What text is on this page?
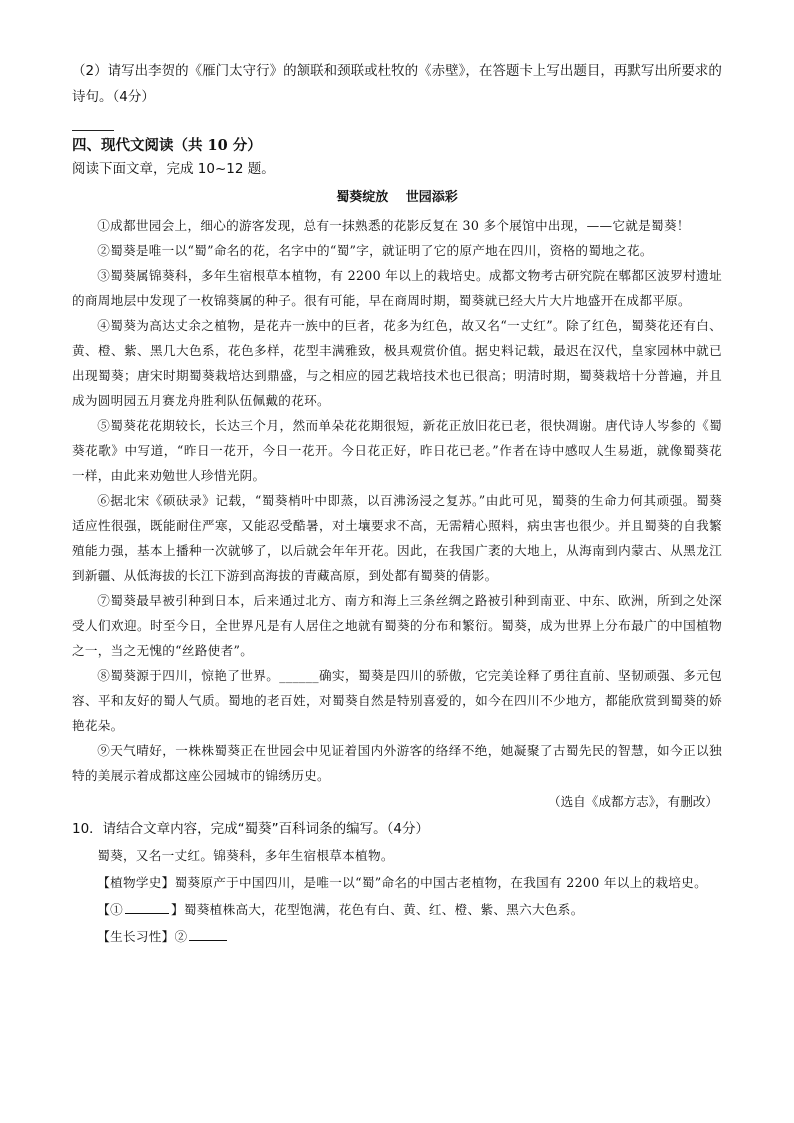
（2）请写出李贺的《雁门太守行》的颔联和颈联或杜牧的《赤壁》，在答题卡上写出题目，再默写出所要求的诗句。（4分）

四、现代文阅读（共 10 分）

阅读下面文章，完成 10~12 题。

蜀葵绽放 世园添彩

①成都世园会上，细心的游客发现，总有一抹熟悉的花影反复在 30 多个展馆中出现，——它就是蜀葵！

②蜀葵是唯一以“蜀”命名的花，名字中的“蜀”字，就证明了它的原产地在四川，资格的蜀地之花。

③蜀葵属锦葵科，多年生宿根草本植物，有 2200 年以上的栽培史。成都文物考古研究院在郫都区波罗村遗址的商周地层中发现了一枚锦葵属的种子。很有可能，早在商周时期，蜀葵就已经大片大片地盛开在成都平原。

④蜀葵为高达丈余之植物，是花卉一族中的巨者，花多为红色，故又名“一丈红”。除了红色，蜀葵花还有白、黄、橙、紫、黑几大色系，花色多样，花型丰满雅致，极具观赏价值。据史料记载，最迟在汉代，皇家园林中就已出现蜀葵；唐宋时期蜀葵栽培达到鼎盛，与之相应的园艺栽培技术也已很高；明清时期，蜀葵栽培十分普遍，并且成为圆明园五月赛龙舟胜利队伍佩戴的花环。

⑤蜀葵花花期较长，长达三个月，然而单朵花花期很短，新花正放旧花已老，很快凋谢。唐代诗人岑参的《蜀葵花歌》中写道，“昨日一花开，今日一花开。今日花正好，昨日花已老。”作者在诗中感叹人生易逝，就像蜀葵花一样，由此来劝勉世人珍惜光阴。

⑥据北宋《硕砆录》记载，“蜀葵梢叶中即蒸，以百沸汤浸之复苏。”由此可见，蜀葵的生命力何其顽强。蜀葵适应性很强，既能耐住严寒，又能忍受酷暑，对土壤要求不高，无需精心照料，病虫害也很少。并且蜀葵的自我繁殖能力强，基本上播种一次就够了，以后就会年年开花。因此，在我国广袤的大地上，从海南到内蒙古、从黑龙江到新疆、从低海拔的长江下游到高海拔的青藏高原，到处都有蜀葵的倩影。

⑦蜀葵最早被引种到日本，后来通过北方、南方和海上三条丝绸之路被引种到南亚、中东、欧洲，所到之处深受人们欢迎。时至今日，全世界凡是有人居住之地就有蜀葵的分布和繁衍。蜀葵，成为世界上分布最广的中国植物之一，当之无愧的“丝路使者”。

⑧蜀葵源于四川，惊艳了世界。______确实，蜀葵是四川的骄傲，它完美诠释了勇往直前、坚韧顽强、多元包容、平和友好的蜀人气质。蜀地的老百姓，对蜀葵自然是特别喜爱的，如今在四川不少地方，都能欣赏到蜀葵的娇艳花朵。

⑨天气晴好，一株株蜀葵正在世园会中见证着国内外游客的络绎不绝，她凝聚了古蜀先民的智慧，如今正以独特的美展示着成都这座公园城市的锦绣历史。

（选自《成都方志》，有删改）

10．请结合文章内容，完成“蜀葵”百科词条的编写。（4分）

蜀葵，又名一丈红。锦葵科，多年生宿根草本植物。

【植物学史】蜀葵原产于中国四川，是唯一以“蜀”命名的中国古老植物，在我国有 2200 年以上的栽培史。

【①	】蜀葵植株高大，花型饱满，花色有白、黄、红、橙、紫、黑六大色系。

【生长习性】②
